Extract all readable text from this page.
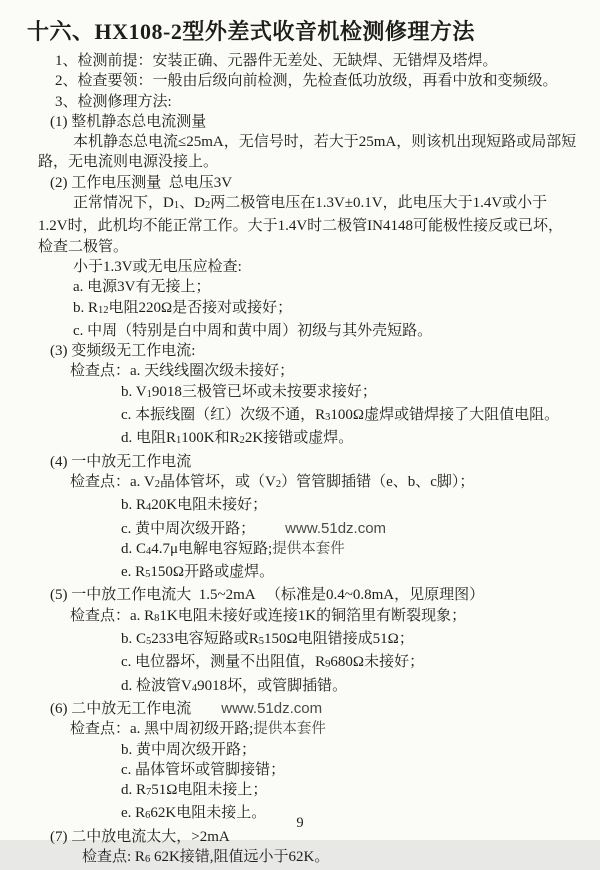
十六、HX108-2型外差式收音机检测修理方法
1、检测前提：安装正确、元器件无差处、无缺焊、无错焊及塔焊。
2、检查要领：一般由后级向前检测，先检查低功放级，再看中放和变频级。
3、检测修理方法:
(1) 整机静态总电流测量
本机静态总电流≤25mA，无信号时，若大于25mA，则该机出现短路或局部短
路，无电流则电源没接上。
(2) 工作电压测量  总电压3V
正常情况下，D1、D2两二极管电压在1.3V±0.1V，此电压大于1.4V或小于
1.2V时，此机均不能正常工作。大于1.4V时二极管IN4148可能极性接反或已坏，
检查二极管。
小于1.3V或无电压应检查:
a. 电源3V有无接上；
b. R12电阻220Ω是否接对或接好；
c. 中周（特别是白中周和黄中周）初级与其外壳短路。
(3) 变频级无工作电流:
检查点：a. 天线线圈次级未接好；
b. V19018三极管已坏或未按要求接好；
c. 本振线圈（红）次级不通，R3100Ω虚焊或错焊接了大阻值电阻。
d. 电阻R1100K和R22K接错或虚焊。
(4) 一中放无工作电流
检查点：a. V2晶体管坏，或（V2）管管脚插错（e、b、c脚）；
b. R420K电阻未接好；
c. 黄中周次级开路； www.51dz.com
d. C44.7μ电解电容短路;提供本套件
e. R5150Ω开路或虚焊。
(5) 一中放工作电流大  1.5~2mA   （标准是0.4~0.8mA，见原理图）
检查点：a. R81K电阻未接好或连接1K的铜箔里有断裂现象；
b. C5233电容短路或R5150Ω电阻错接成51Ω；
c. 电位器坏，测量不出阻值，R9680Ω未接好；
d. 检波管V49018坏，或管脚插错。
(6) 二中放无工作电流 www.51dz.com
检查点：a. 黑中周初级开路;提供本套件
b. 黄中周次级开路；
c. 晶体管坏或管脚接错；
d. R751Ω电阻未接上；
e. R662K电阻未接上。
(7) 二中放电流太大，>2mA
检查点: R6 62K接错,阻值远小于62K。
9
